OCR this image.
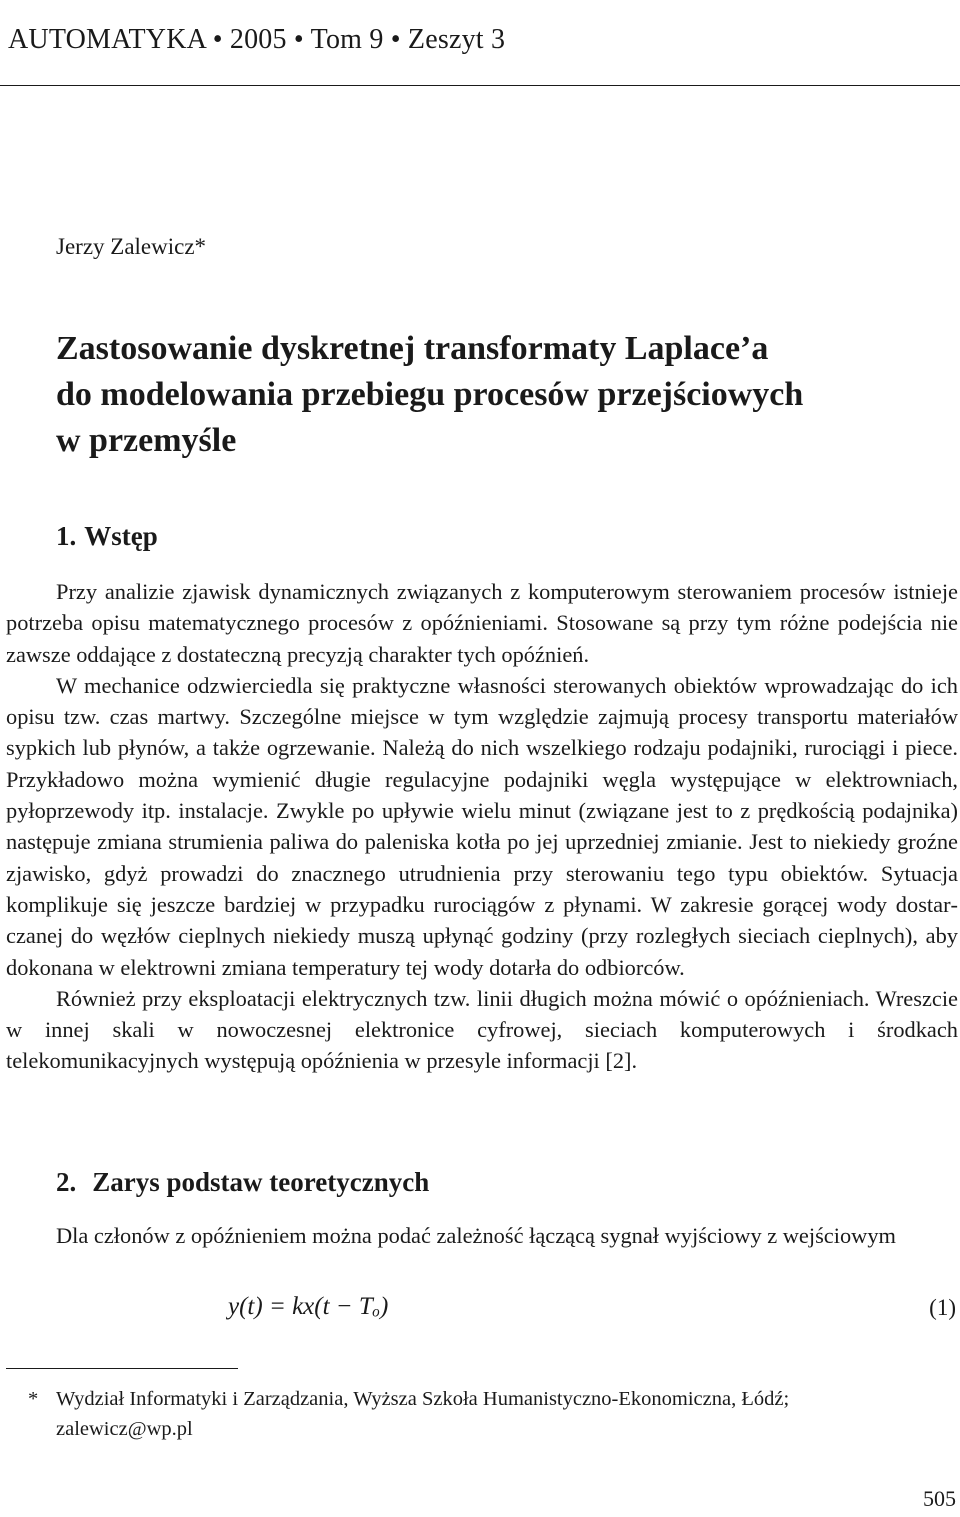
AUTOMATYKA • 2005 • Tom 9 • Zeszyt 3
Jerzy Zalewicz*
Zastosowanie dyskretnej transformaty Laplace’a
do modelowania przebiegu procesów przejściowych
w przemyśle
1. Wstęp

Przy analizie zjawisk dynamicznych związanych z komputerowym sterowaniem procesów istnieje potrzeba opisu matematycznego procesów z opóźnieniami. Stosowane są przy tym różne podejścia nie zawsze oddające z dostateczną precyzją charakter tych opóźnień.

W mechanice odzwierciedla się praktyczne własności sterowanych obiektów wprowadzając do ich opisu tzw. czas martwy. Szczególne miejsce w tym względzie zajmują procesy transportu materiałów sypkich lub płynów, a także ogrzewanie. Należą do nich wszelkiego rodzaju podajniki, rurociągi i piece. Przykładowo można wymienić długie regulacyjne podajniki węgla występujące w elektrowniach, pyłoprzewody itp. instalacje. Zwykle po upływie wielu minut (związane jest to z prędkością podajnika) następuje zmiana strumienia paliwa do paleniska kotła po jej uprzedniej zmianie. Jest to niekiedy groźne zjawisko, gdyż prowadzi do znacznego utrudnienia przy sterowaniu tego typu obiektów. Sytuacja komplikuje się jeszcze bardziej w przypadku rurociągów z płynami. W zakresie gorącej wody dostarczanej do węzłów cieplnych niekiedy muszą upłynąć godziny (przy rozległych sieciach cieplnych), aby dokonana w elektrowni zmiana temperatury tej wody dotarła do odbiorców.

Również przy eksploatacji elektrycznych tzw. linii długich można mówić o opóźnieniach. Wreszcie w innej skali w nowoczesnej elektronice cyfrowej, sieciach komputerowych i środkach telekomunikacyjnych występują opóźnienia w przesyle informacji [2].

2. Zarys podstaw teoretycznych

Dla członów z opóźnieniem można podać zależność łączącą sygnał wyjściowy z wejściowym

y(t) = kx(t − Tₒ)	(1)
* Wydział Informatyki i Zarządzania, Wyższa Szkoła Humanistyczno-Ekonomiczna, Łódź; zalewicz@wp.pl
505
